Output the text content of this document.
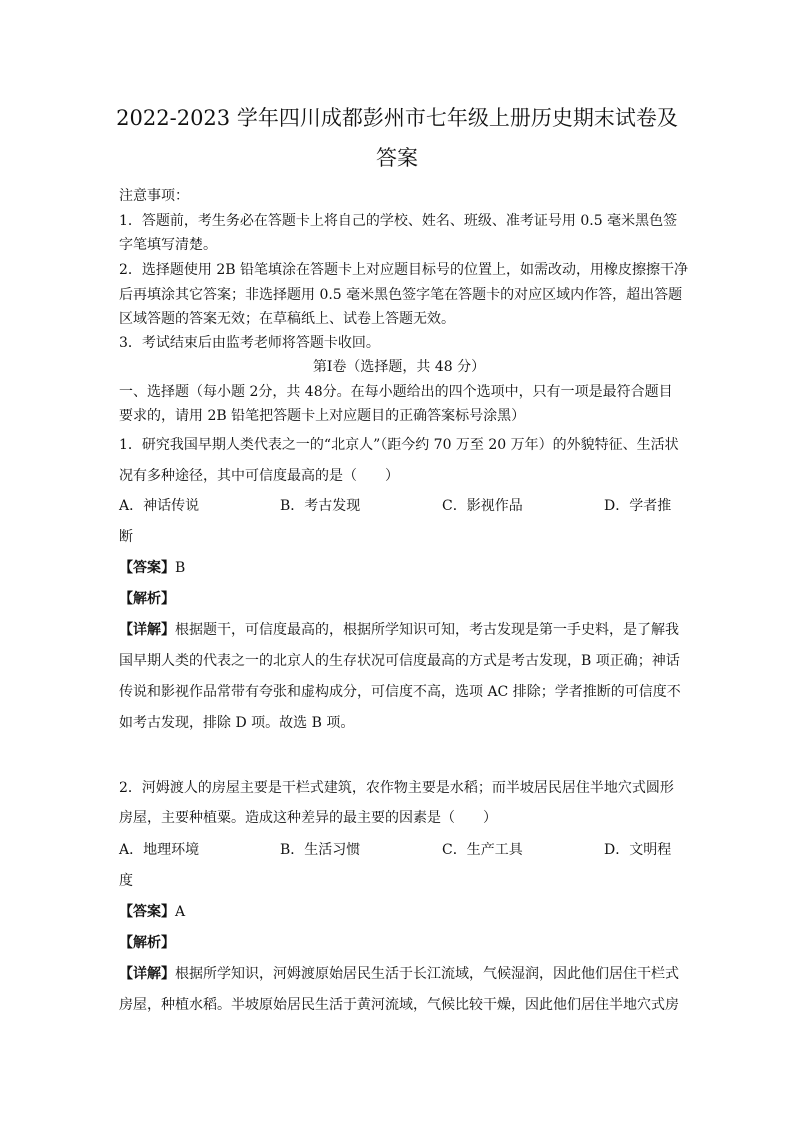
2022-2023 学年四川成都彭州市七年级上册历史期末试卷及
答案
注意事项：
1．答题前，考生务必在答题卡上将自己的学校、姓名、班级、准考证号用 0.5 毫米黑色签
字笔填写清楚。
2．选择题使用 2B 铅笔填涂在答题卡上对应题目标号的位置上，如需改动，用橡皮擦擦干净
后再填涂其它答案；非选择题用 0.5 毫米黑色签字笔在答题卡的对应区域内作答，超出答题
区域答题的答案无效；在草稿纸上、试卷上答题无效。
3．考试结束后由监考老师将答题卡收回。
第Ⅰ卷（选择题，共 48 分）
一、选择题（每小题 2分，共 48分。在每小题给出的四个选项中，只有一项是最符合题目
要求的，请用 2B 铅笔把答题卡上对应题目的正确答案标号涂黑）
1．研究我国早期人类代表之一的“北京人”（距今约 70 万至 20 万年）的外貌特征、生活状
况有多种途径，其中可信度最高的是（　　）
A．神话传说	B．考古发现	C．影视作品	D．学者推
断
【答案】B
【解析】
【详解】根据题干，可信度最高的，根据所学知识可知，考古发现是第一手史料，是了解我
国早期人类的代表之一的北京人的生存状况可信度最高的方式是考古发现，B 项正确；神话
传说和影视作品常带有夸张和虚构成分，可信度不高，选项 AC 排除；学者推断的可信度不
如考古发现，排除 D 项。故选 B 项。
2．河姆渡人的房屋主要是干栏式建筑，农作物主要是水稻；而半坡居民居住半地穴式圆形
房屋，主要种植粟。造成这种差异的最主要的因素是（　　）
A．地理环境	B．生活习惯	C．生产工具	D．文明程
度
【答案】A
【解析】
【详解】根据所学知识，河姆渡原始居民生活于长江流域，气候湿润，因此他们居住干栏式
房屋，种植水稻。半坡原始居民生活于黄河流域，气候比较干燥，因此他们居住半地穴式房
